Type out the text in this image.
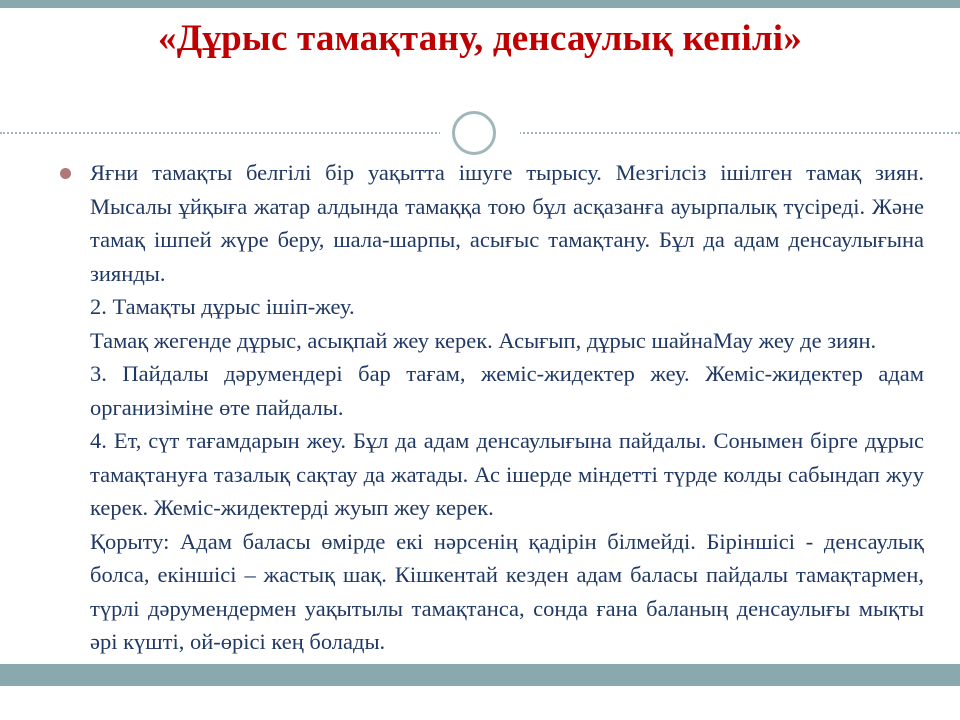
«Дұрыс тамақтану, денсаулық кепілі»

Яғни тамақты белгілі бір уақытта ішуге тырысу. Мезгілсіз ішілген тамақ зиян. Мысалы ұйқыға жатар алдында тамаққа тою бұл асқазанға ауырпалық түсіреді. Және тамақ ішпей жүре беру, шала-шарпы, асығыс тамақтану. Бұл да адам денсаулығына зиянды.

2. Тамақты дұрыс ішіп-жеу.

Тамақ жегенде дұрыс, асықпай жеу керек. Асығып, дұрыс шайнаМау жеу де зиян.

3. Пайдалы дәрумендері бар тағам, жеміс-жидектер жеу. Жеміс-жидектер адам организіміне өте пайдалы.

4. Ет, сүт тағамдарын жеу. Бұл да адам денсаулығына пайдалы. Сонымен бірге дұрыс тамақтануға тазалық сақтау да жатады. Ас ішерде міндетті түрде колды сабындап жуу керек. Жеміс-жидектерді жуып жеу керек.

Қорыту: Адам баласы өмірде екі нәрсенің қадірін білмейді. Біріншісі - денсаулық болса, екіншісі – жастық шақ. Кішкентай кезден адам баласы пайдалы тамақтармен, түрлі дәрумендермен уақытылы тамақтанса, сонда ғана баланың денсаулығы мықты әрі күшті, ой-өрісі кең болады.
